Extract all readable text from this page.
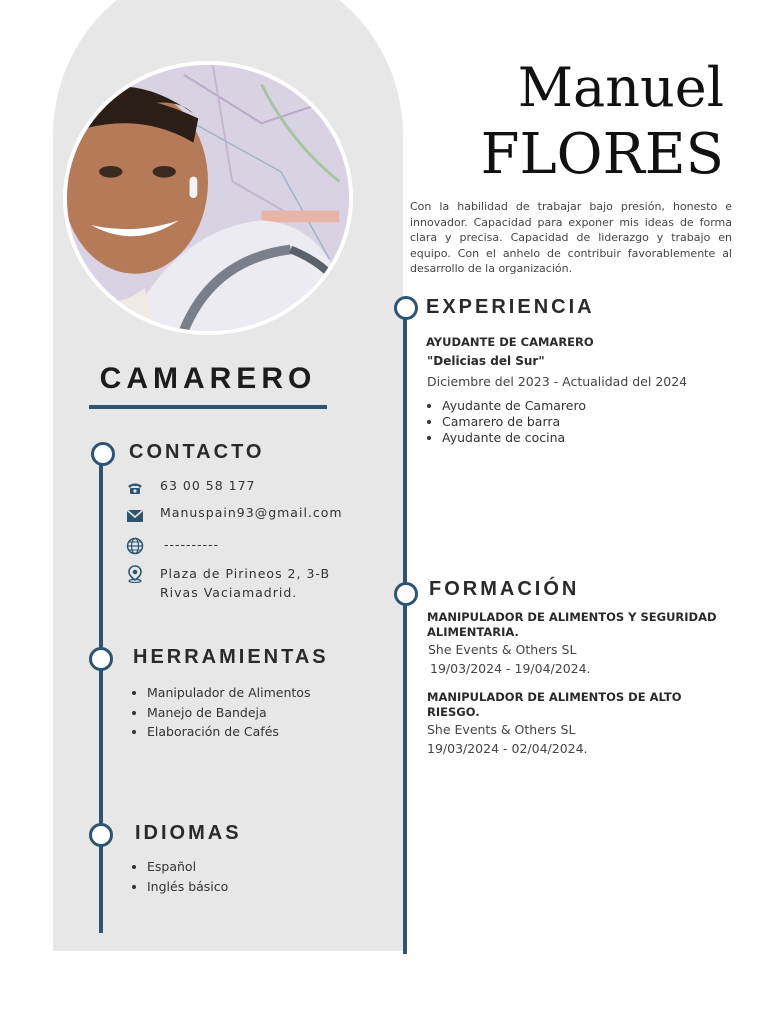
CAMARERO
CONTACTO
63 00 58 177
Manuspain93@gmail.com
----------
Plaza de Pirineos 2, 3-B
Rivas Vaciamadrid.
HERRAMIENTAS
• Manipulador de Alimentos
• Manejo de Bandeja
• Elaboración de Cafés
IDIOMAS
• Español
• Inglés básico
Manuel
FLORES
Con la habilidad de trabajar bajo presión, honesto e innovador. Capacidad para exponer mis ideas de forma clara y precisa. Capacidad de liderazgo y trabajo en equipo. Con el anhelo de contribuir favorablemente al desarrollo de la organización.
EXPERIENCIA
AYUDANTE DE CAMARERO
"Delicias del Sur"
Diciembre del 2023 - Actualidad del 2024
• Ayudante de Camarero
• Camarero de barra
• Ayudante de cocina
FORMACIÓN
MANIPULADOR DE ALIMENTOS Y SEGURIDAD ALIMENTARIA.
She Events & Others SL
19/03/2024 - 19/04/2024.
MANIPULADOR DE ALIMENTOS DE ALTO RIESGO.
She Events & Others SL
19/03/2024 - 02/04/2024.
